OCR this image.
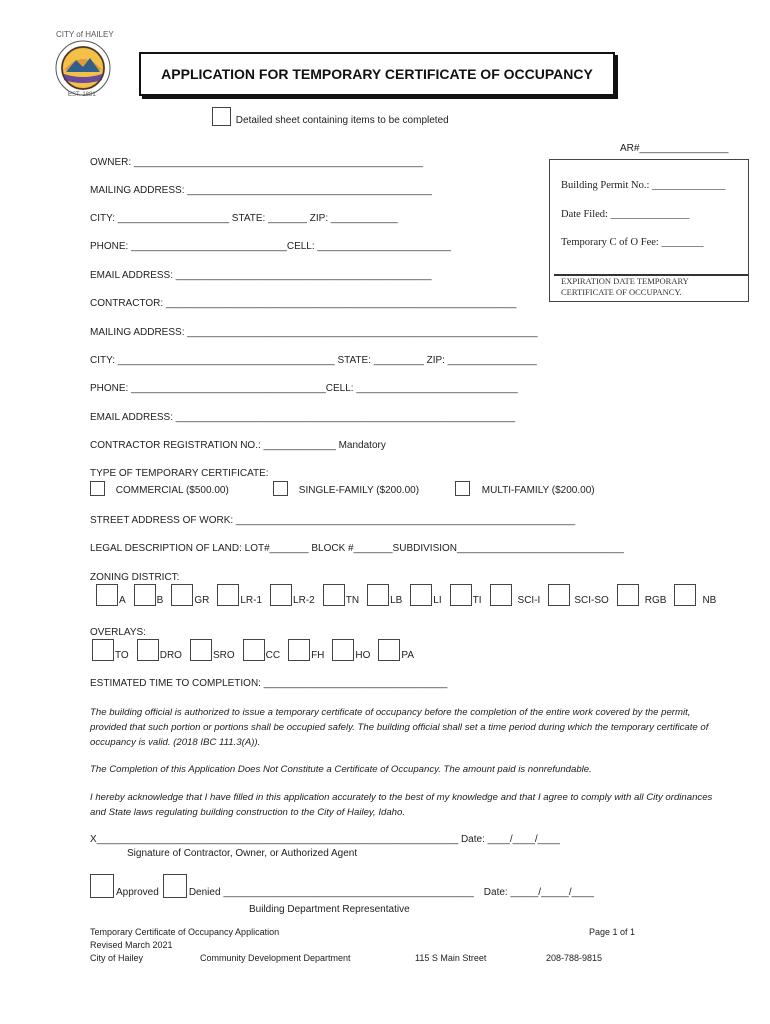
CITY of HAILEY
EST. 1881
APPLICATION FOR TEMPORARY CERTIFICATE OF OCCUPANCY
Detailed sheet containing items to be completed
AR#________________
OWNER: ____________________________________________________
MAILING ADDRESS: ____________________________________________
CITY: ____________________ STATE: _______ ZIP: ____________
PHONE: ____________________________CELL: ________________________
EMAIL ADDRESS: ______________________________________________
Building Permit No.: ______________
Date Filed: _______________
Temporary C of O Fee: ________
EXPIRATION DATE TEMPORARY
CERTIFICATE OF OCCUPANCY.
CONTRACTOR: _______________________________________________________________
MAILING ADDRESS: _______________________________________________________________
CITY: _______________________________________ STATE: _________ ZIP: ________________
PHONE: ___________________________________CELL: _____________________________
EMAIL ADDRESS: _____________________________________________________________
CONTRACTOR REGISTRATION NO.: _____________ Mandatory
TYPE OF TEMPORARY CERTIFICATE:
COMMERCIAL ($500.00)	SINGLE-FAMILY ($200.00)	MULTI-FAMILY ($200.00)
STREET ADDRESS OF WORK: _____________________________________________________________
LEGAL DESCRIPTION OF LAND: LOT#_______ BLOCK #_______SUBDIVISION______________________________
ZONING DISTRICT:
A	B	GR	LR-1	LR-2	TN	LB	LI	TI	SCI-I	SCI-SO	RGB	NB
OVERLAYS:
TO	DRO	SRO	CC	FH	HO	PA
ESTIMATED TIME TO COMPLETION: _________________________________
The building official is authorized to issue a temporary certificate of occupancy before the completion of the entire work covered by the permit, provided that such portion or portions shall be occupied safely. The building official shall set a time period during which the temporary certificate of occupancy is valid. (2018 IBC 111.3(A)).
The Completion of this Application Does Not Constitute a Certificate of Occupancy. The amount paid is nonrefundable.
I hereby acknowledge that I have filled in this application accurately to the best of my knowledge and that I agree to comply with all City ordinances and State laws regulating building construction to the City of Hailey, Idaho.
X_________________________________________________________________ Date: ____/____/____
Signature of Contractor, Owner, or Authorized Agent
Approved	Denied _____________________________________________ Date: _____/_____/____
Building Department Representative
Temporary Certificate of Occupancy Application	Page 1 of 1
Revised March 2021
City of Hailey	Community Development Department	115 S Main Street	208-788-9815
